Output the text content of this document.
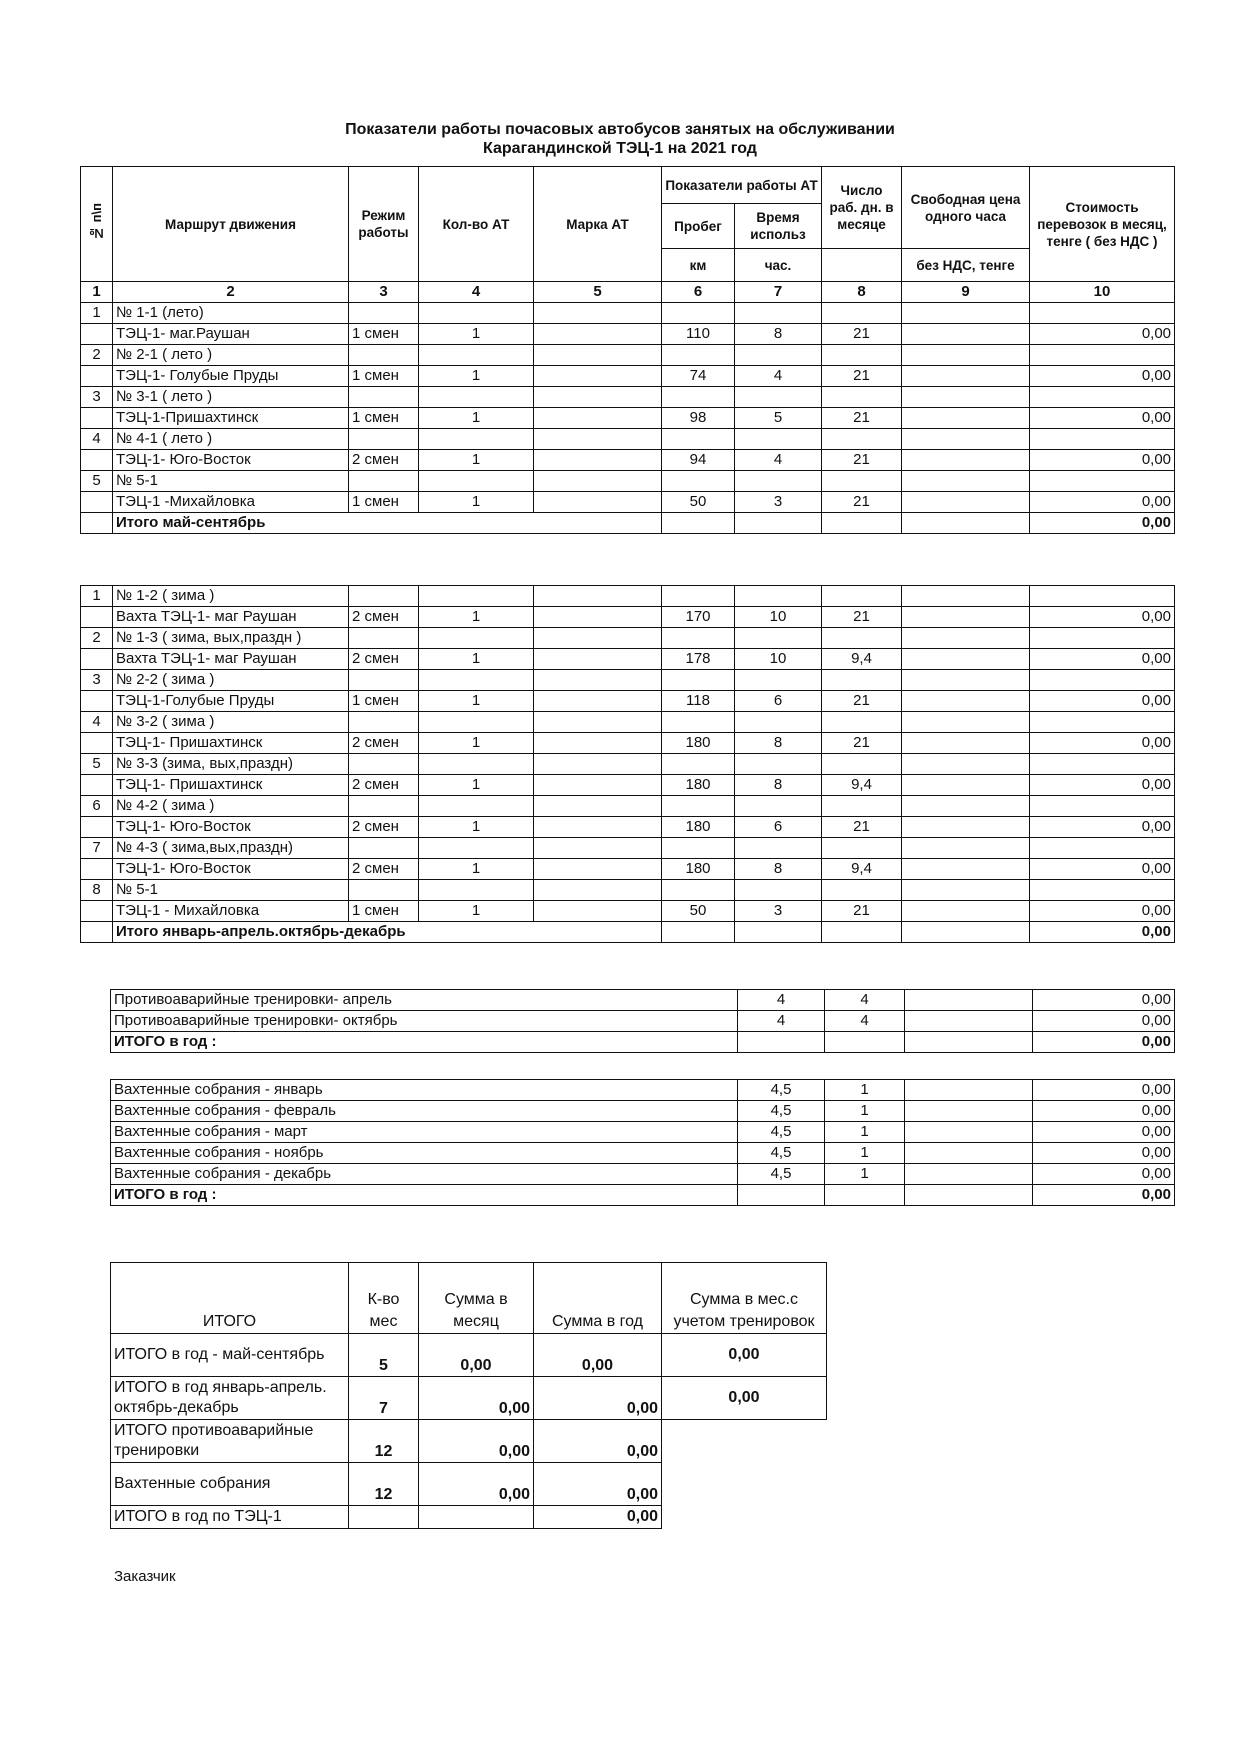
Показатели работы почасовых автобусов занятых на обслуживании
Карагандинской ТЭЦ-1 на 2021 год
№ п\п	Маршрут движения	Режим работы	Кол-во АТ	Марка АТ	Показатели работы АТ		Число раб. дн. в месяце	Свободная цена одного часа	Стоимость перевозок в месяц, тенге ( без НДС )
					Пробег	Время использ			
					км	час.		без НДС, тенге	
1	2	3	4	5	6	7	8	9	10
1	№ 1-1 (лето)								
	ТЭЦ-1- маг.Раушан	1 смен	1		110	8	21		0,00
2	№ 2-1 ( лето )								
	ТЭЦ-1- Голубые Пруды	1 смен	1		74	4	21		0,00
3	№ 3-1 ( лето )								
	ТЭЦ-1-Пришахтинск	1 смен	1		98	5	21		0,00
4	№ 4-1 ( лето )								
	ТЭЦ-1- Юго-Восток	2 смен	1		94	4	21		0,00
5	№ 5-1								
	ТЭЦ-1 -Михайловка	1 смен	1		50	3	21		0,00
	Итого май-сентябрь								0,00
1	№ 1-2 ( зима )								
	Вахта ТЭЦ-1- маг Раушан	2 смен	1		170	10	21		0,00
2	№ 1-3 ( зима, вых,праздн )								
	Вахта ТЭЦ-1- маг Раушан	2 смен	1		178	10	9,4		0,00
3	№ 2-2 ( зима )								
	ТЭЦ-1-Голубые Пруды	1 смен	1		118	6	21		0,00
4	№ 3-2 ( зима )								
	ТЭЦ-1- Пришахтинск	2 смен	1		180	8	21		0,00
5	№ 3-3 (зима, вых,праздн)								
	ТЭЦ-1- Пришахтинск	2 смен	1		180	8	9,4		0,00
6	№ 4-2 ( зима )								
	ТЭЦ-1- Юго-Восток	2 смен	1		180	6	21		0,00
7	№ 4-3 ( зима,вых,праздн)								
	ТЭЦ-1- Юго-Восток	2 смен	1		180	8	9,4		0,00
8	№ 5-1								
	ТЭЦ-1 - Михайловка	1 смен	1		50	3	21		0,00
	Итого январь-апрель.октябрь-декабрь								0,00
Противоаварийные тренировки- апрель	4	4		0,00
Противоаварийные тренировки- октябрь	4	4		0,00
ИТОГО в год :				0,00
Вахтенные собрания - январь	4,5	1		0,00
Вахтенные собрания - февраль	4,5	1		0,00
Вахтенные собрания - март	4,5	1		0,00
Вахтенные собрания - ноябрь	4,5	1		0,00
Вахтенные собрания - декабрь	4,5	1		0,00
ИТОГО в год :				0,00
ИТОГО	К-во мес	Сумма в месяц	Сумма в год	Сумма в мес.с учетом тренировок
ИТОГО в год - май-сентябрь	5	0,00	0,00	0,00
ИТОГО в год январь-апрель. октябрь-декабрь	7	0,00	0,00	0,00
ИТОГО противоаварийные тренировки	12	0,00	0,00	
Вахтенные собрания	12	0,00	0,00	
ИТОГО в год по ТЭЦ-1			0,00	
Заказчик
